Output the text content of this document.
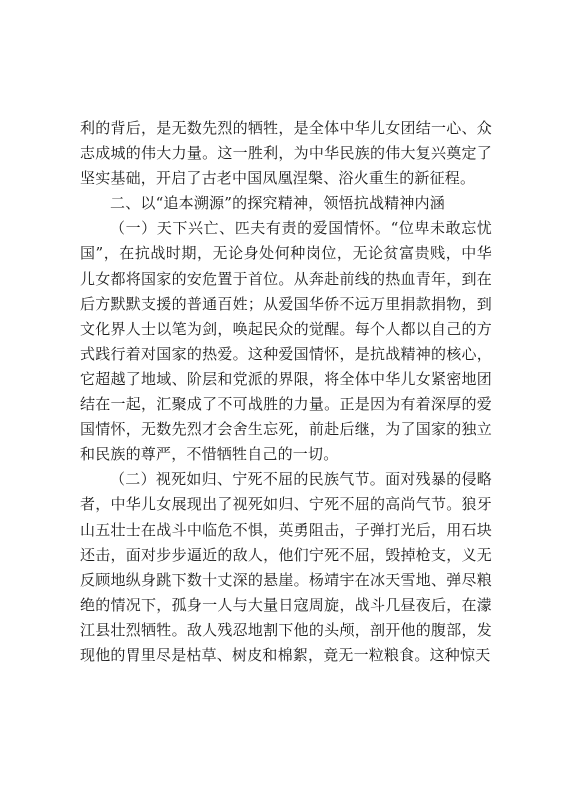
利的背后，是无数先烈的牺牲，是全体中华儿女团结一心、众志成城的伟大力量。这一胜利，为中华民族的伟大复兴奠定了坚实基础，开启了古老中国凤凰涅槃、浴火重生的新征程。

二、以“追本溯源”的探究精神，领悟抗战精神内涵

（一）天下兴亡、匹夫有责的爱国情怀。“位卑未敢忘忧国”，在抗战时期，无论身处何种岗位，无论贫富贵贱，中华儿女都将国家的安危置于首位。从奔赴前线的热血青年，到在后方默默支援的普通百姓；从爱国华侨不远万里捐款捐物，到文化界人士以笔为剑，唤起民众的觉醒。每个人都以自己的方式践行着对国家的热爱。这种爱国情怀，是抗战精神的核心，它超越了地域、阶层和党派的界限，将全体中华儿女紧密地团结在一起，汇聚成了不可战胜的力量。正是因为有着深厚的爱国情怀，无数先烈才会舍生忘死，前赴后继，为了国家的独立和民族的尊严，不惜牺牲自己的一切。

（二）视死如归、宁死不屈的民族气节。面对残暴的侵略者，中华儿女展现出了视死如归、宁死不屈的高尚气节。狼牙山五壮士在战斗中临危不惧，英勇阻击，子弹打光后，用石块还击，面对步步逼近的敌人，他们宁死不屈，毁掉枪支，义无反顾地纵身跳下数十丈深的悬崖。杨靖宇在冰天雪地、弹尽粮绝的情况下，孤身一人与大量日寇周旋，战斗几昼夜后，在濛江县壮烈牺牲。敌人残忍地割下他的头颅，剖开他的腹部，发现他的胃里尽是枯草、树皮和棉絮，竟无一粒粮食。这种惊天
